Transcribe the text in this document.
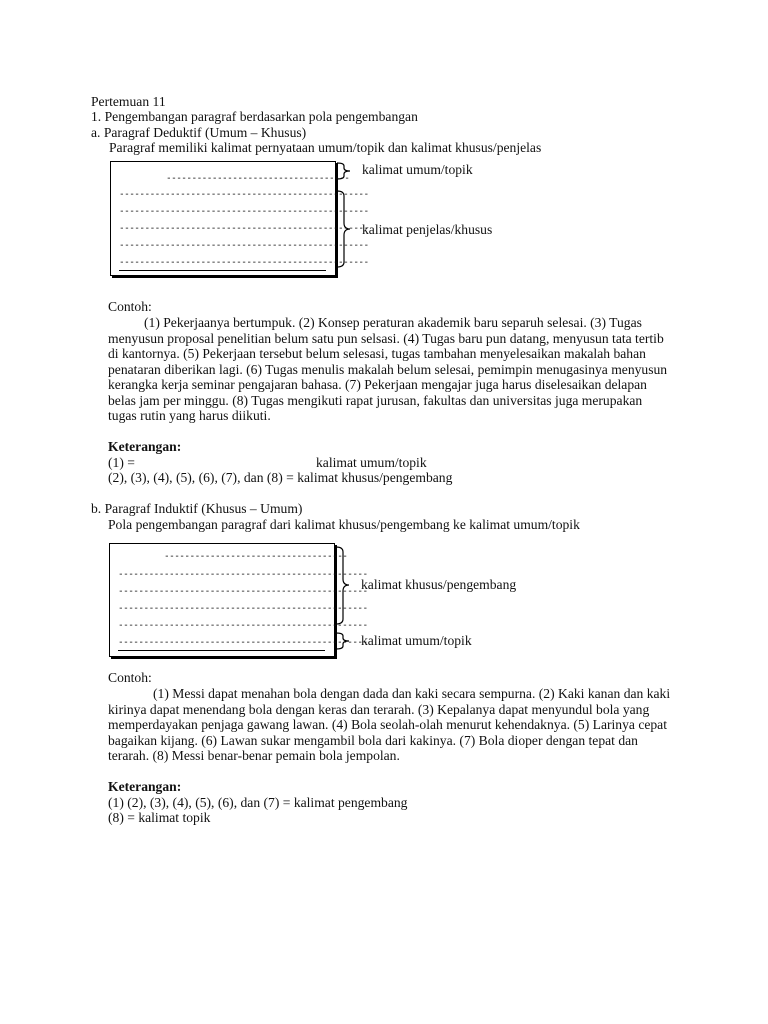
Pertemuan 11

1. Pengembangan paragraf berdasarkan pola pengembangan

a. Paragraf Deduktif (Umum – Khusus)

Paragraf memiliki kalimat pernyataan umum/topik dan kalimat khusus/penjelas

------------------------------------
-------------------------------------------------
-------------------------------------------------
-------------------------------------------------
-------------------------------------------------
-------------------------------------------------
kalimat umum/topik
kalimat penjelas/khusus

Contoh:

(1) Pekerjaanya bertumpuk. (2) Konsep peraturan akademik baru separuh selesai. (3) Tugas menyusun proposal penelitian belum satu pun selsasi. (4) Tugas baru pun datang, menyusun tata tertib di kantornya. (5) Pekerjaan tersebut belum selesasi, tugas tambahan menyelesaikan makalah bahan penataran diberikan lagi. (6) Tugas menulis makalah belum selesai, pemimpin menugasinya menyusun kerangka kerja seminar pengajaran bahasa. (7) Pekerjaan mengajar juga harus diselesaikan delapan belas jam per minggu. (8) Tugas mengikuti rapat jurusan, fakultas dan universitas juga merupakan tugas rutin yang harus diikuti.

Keterangan:

(1) =	kalimat umum/topik

(2), (3), (4), (5), (6), (7), dan (8) = kalimat khusus/pengembang

b. Paragraf Induktif (Khusus – Umum)

Pola pengembangan paragraf dari kalimat khusus/pengembang ke kalimat umum/topik

------------------------------------
-------------------------------------------------
-------------------------------------------------
-------------------------------------------------
-------------------------------------------------
-------------------------------------------------
kalimat khusus/pengembang
kalimat umum/topik

Contoh:

(1) Messi dapat menahan bola dengan dada dan kaki secara sempurna. (2) Kaki kanan dan kaki kirinya dapat menendang bola dengan keras dan terarah. (3) Kepalanya dapat menyundul bola yang memperdayakan penjaga gawang lawan. (4) Bola seolah-olah menurut kehendaknya. (5) Larinya cepat bagaikan kijang. (6) Lawan sukar mengambil bola dari kakinya. (7) Bola dioper dengan tepat dan terarah. (8) Messi benar-benar pemain bola jempolan.

Keterangan:

(1) (2), (3), (4), (5), (6), dan (7) = kalimat pengembang

(8) = kalimat topik
